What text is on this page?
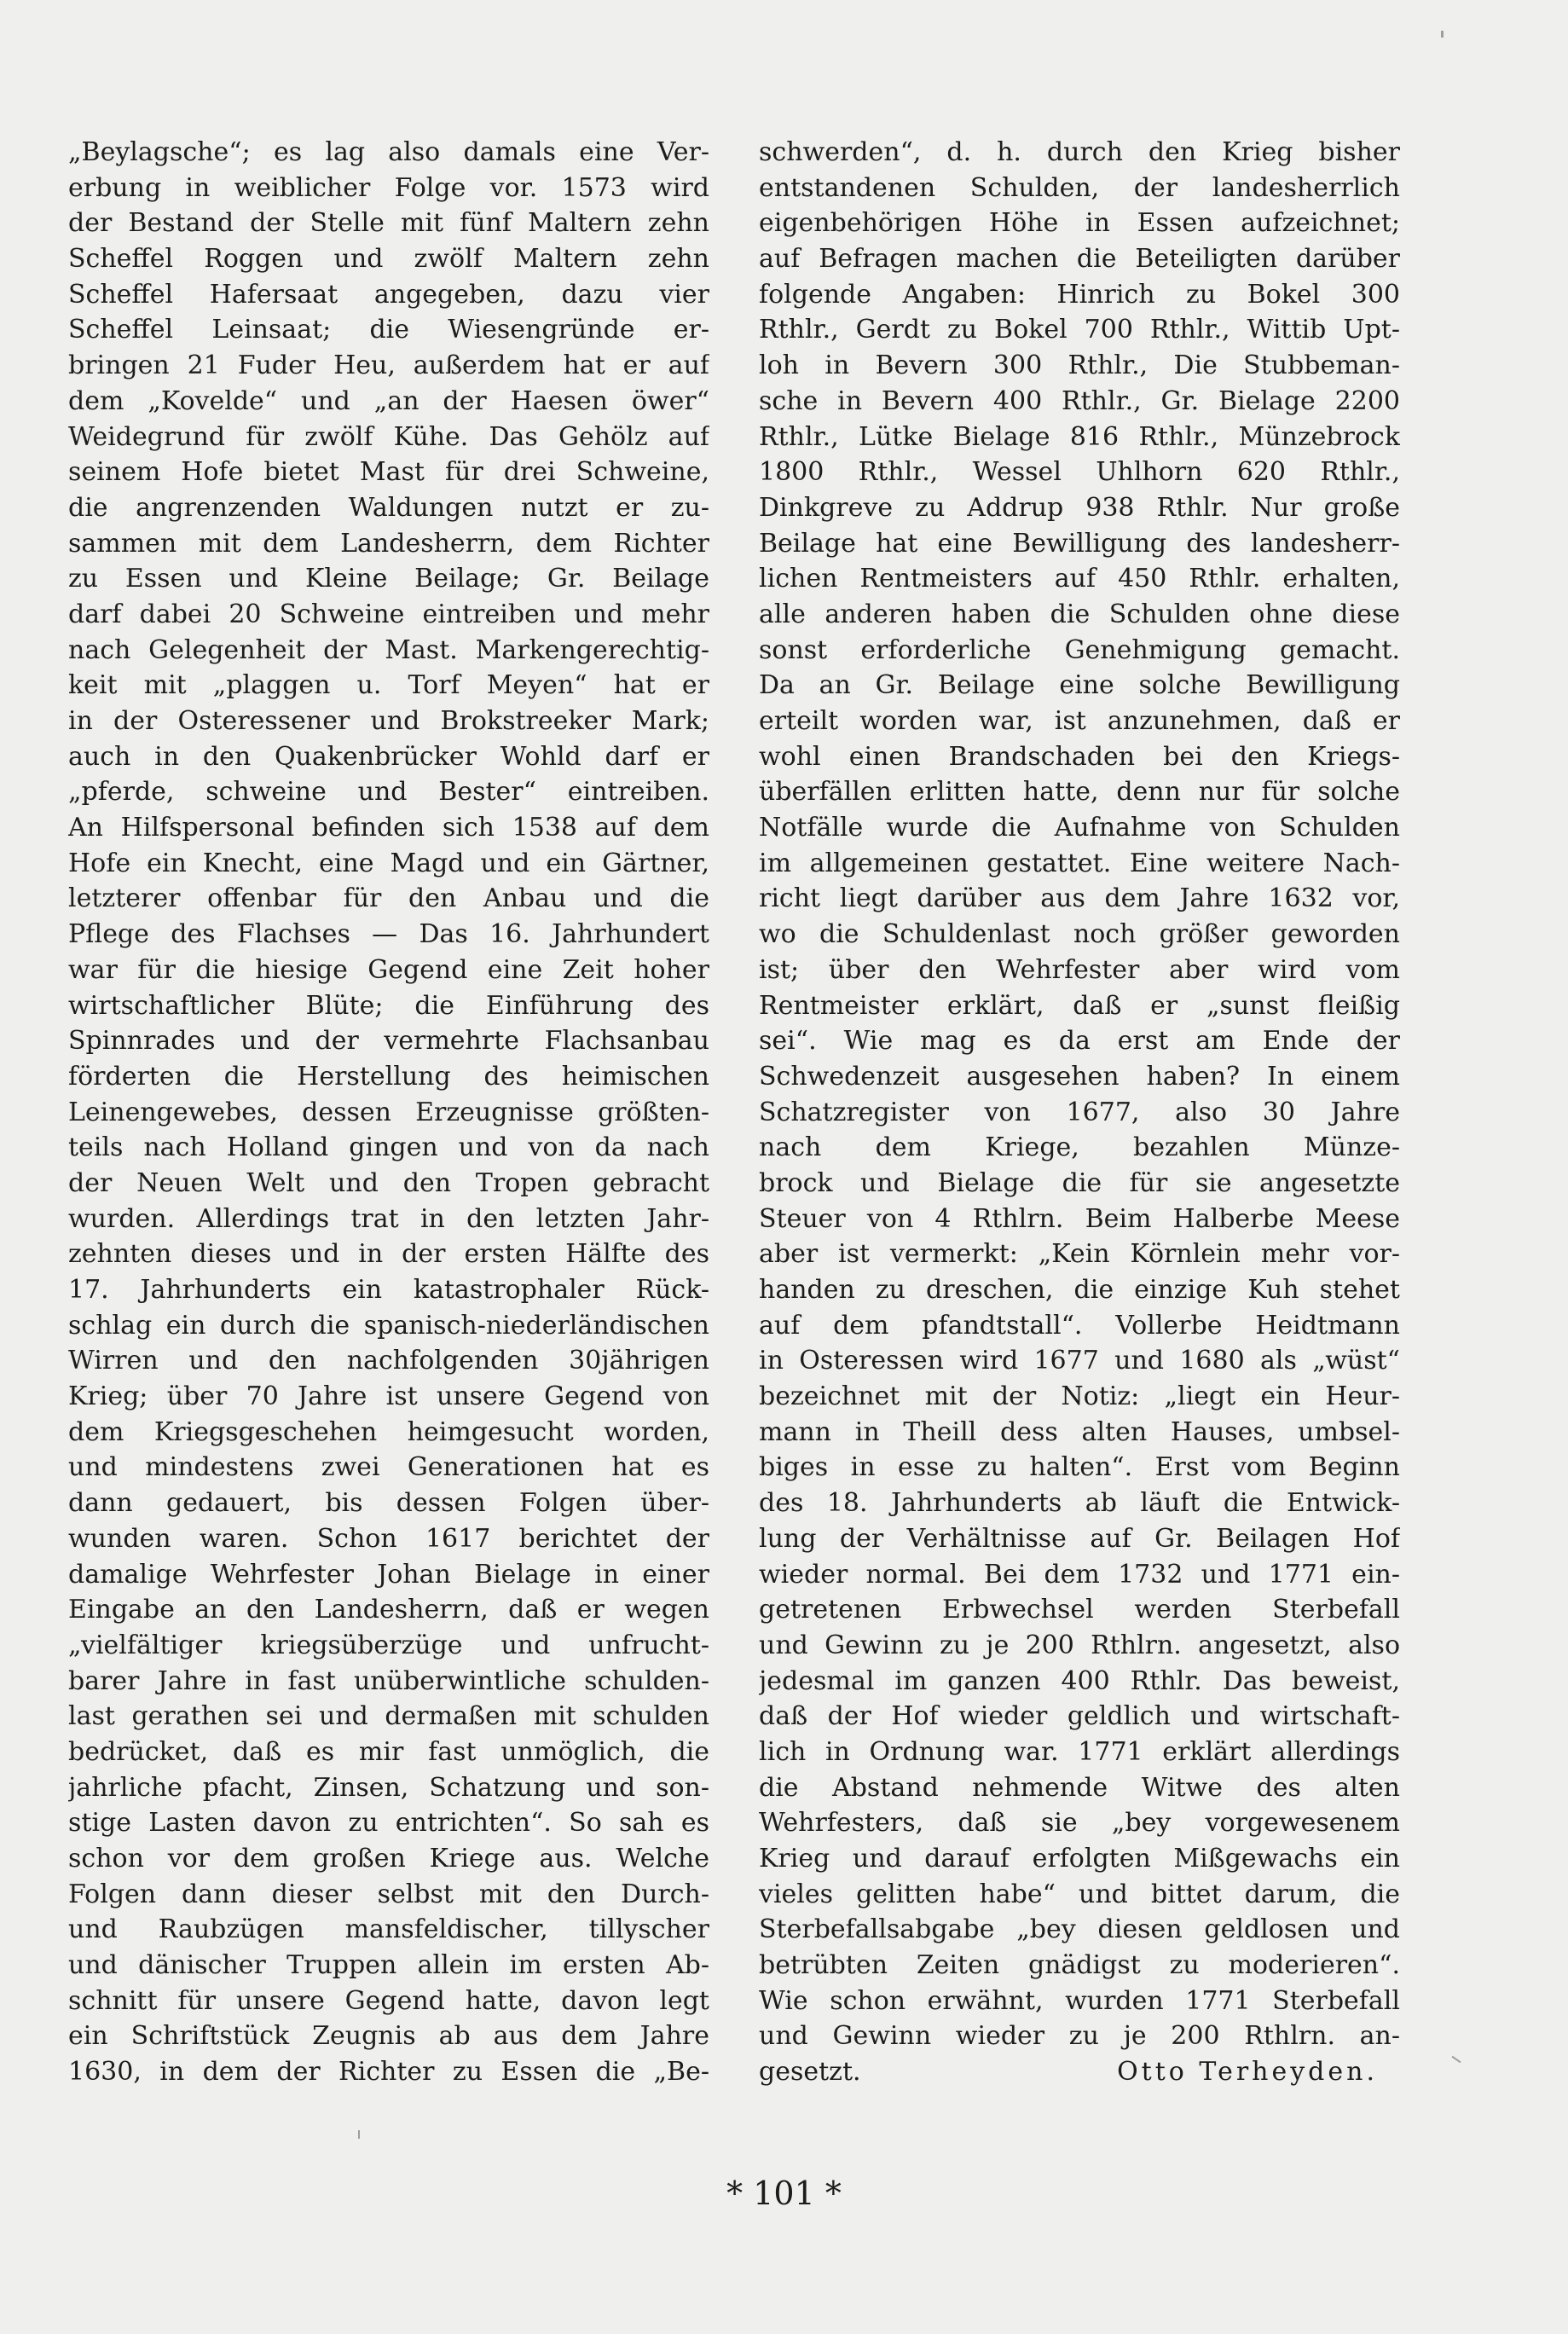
„Beylagsche“; es lag also damals eine Ver-
erbung in weiblicher Folge vor. 1573 wird
der Bestand der Stelle mit fünf Maltern zehn
Scheffel Roggen und zwölf Maltern zehn
Scheffel Hafersaat angegeben, dazu vier
Scheffel Leinsaat; die Wiesengründe er-
bringen 21 Fuder Heu, außerdem hat er auf
dem „Kovelde“ und „an der Haesen öwer“
Weidegrund für zwölf Kühe. Das Gehölz auf
seinem Hofe bietet Mast für drei Schweine,
die angrenzenden Waldungen nutzt er zu-
sammen mit dem Landesherrn, dem Richter
zu Essen und Kleine Beilage; Gr. Beilage
darf dabei 20 Schweine eintreiben und mehr
nach Gelegenheit der Mast. Markengerechtig-
keit mit „plaggen u. Torf Meyen“ hat er
in der Osteressener und Brokstreeker Mark;
auch in den Quakenbrücker Wohld darf er
„pferde, schweine und Bester“ eintreiben.
An Hilfspersonal befinden sich 1538 auf dem
Hofe ein Knecht, eine Magd und ein Gärtner,
letzterer offenbar für den Anbau und die
Pflege des Flachses — Das 16. Jahrhundert
war für die hiesige Gegend eine Zeit hoher
wirtschaftlicher Blüte; die Einführung des
Spinnrades und der vermehrte Flachsanbau
förderten die Herstellung des heimischen
Leinengewebes, dessen Erzeugnisse größten-
teils nach Holland gingen und von da nach
der Neuen Welt und den Tropen gebracht
wurden. Allerdings trat in den letzten Jahr-
zehnten dieses und in der ersten Hälfte des
17. Jahrhunderts ein katastrophaler Rück-
schlag ein durch die spanisch-niederländischen
Wirren und den nachfolgenden 30jährigen
Krieg; über 70 Jahre ist unsere Gegend von
dem Kriegsgeschehen heimgesucht worden,
und mindestens zwei Generationen hat es
dann gedauert, bis dessen Folgen über-
wunden waren. Schon 1617 berichtet der
damalige Wehrfester Johan Bielage in einer
Eingabe an den Landesherrn, daß er wegen
„vielfältiger kriegsüberzüge und unfrucht-
barer Jahre in fast unüberwintliche schulden-
last gerathen sei und dermaßen mit schulden
bedrücket, daß es mir fast unmöglich, die
jahrliche pfacht, Zinsen, Schatzung und son-
stige Lasten davon zu entrichten“. So sah es
schon vor dem großen Kriege aus. Welche
Folgen dann dieser selbst mit den Durch-
und Raubzügen mansfeldischer, tillyscher
und dänischer Truppen allein im ersten Ab-
schnitt für unsere Gegend hatte, davon legt
ein Schriftstück Zeugnis ab aus dem Jahre
1630, in dem der Richter zu Essen die „Be-
schwerden“, d. h. durch den Krieg bisher
entstandenen Schulden, der landesherrlich
eigenbehörigen Höhe in Essen aufzeichnet;
auf Befragen machen die Beteiligten darüber
folgende Angaben: Hinrich zu Bokel 300
Rthlr., Gerdt zu Bokel 700 Rthlr., Wittib Upt-
loh in Bevern 300 Rthlr., Die Stubbeman-
sche in Bevern 400 Rthlr., Gr. Bielage 2200
Rthlr., Lütke Bielage 816 Rthlr., Münzebrock
1800 Rthlr., Wessel Uhlhorn 620 Rthlr.,
Dinkgreve zu Addrup 938 Rthlr. Nur große
Beilage hat eine Bewilligung des landesherr-
lichen Rentmeisters auf 450 Rthlr. erhalten,
alle anderen haben die Schulden ohne diese
sonst erforderliche Genehmigung gemacht.
Da an Gr. Beilage eine solche Bewilligung
erteilt worden war, ist anzunehmen, daß er
wohl einen Brandschaden bei den Kriegs-
überfällen erlitten hatte, denn nur für solche
Notfälle wurde die Aufnahme von Schulden
im allgemeinen gestattet. Eine weitere Nach-
richt liegt darüber aus dem Jahre 1632 vor,
wo die Schuldenlast noch größer geworden
ist; über den Wehrfester aber wird vom
Rentmeister erklärt, daß er „sunst fleißig
sei“. Wie mag es da erst am Ende der
Schwedenzeit ausgesehen haben? In einem
Schatzregister von 1677, also 30 Jahre
nach dem Kriege, bezahlen Münze-
brock und Bielage die für sie angesetzte
Steuer von 4 Rthlrn. Beim Halberbe Meese
aber ist vermerkt: „Kein Körnlein mehr vor-
handen zu dreschen, die einzige Kuh stehet
auf dem pfandtstall“. Vollerbe Heidtmann
in Osteressen wird 1677 und 1680 als „wüst“
bezeichnet mit der Notiz: „liegt ein Heur-
mann in Theill dess alten Hauses, umbsel-
biges in esse zu halten“. Erst vom Beginn
des 18. Jahrhunderts ab läuft die Entwick-
lung der Verhältnisse auf Gr. Beilagen Hof
wieder normal. Bei dem 1732 und 1771 ein-
getretenen Erbwechsel werden Sterbefall
und Gewinn zu je 200 Rthlrn. angesetzt, also
jedesmal im ganzen 400 Rthlr. Das beweist,
daß der Hof wieder geldlich und wirtschaft-
lich in Ordnung war. 1771 erklärt allerdings
die Abstand nehmende Witwe des alten
Wehrfesters, daß sie „bey vorgewesenem
Krieg und darauf erfolgten Mißgewachs ein
vieles gelitten habe“ und bittet darum, die
Sterbefallsabgabe „bey diesen geldlosen und
betrübten Zeiten gnädigst zu moderieren“.
Wie schon erwähnt, wurden 1771 Sterbefall
und Gewinn wieder zu je 200 Rthlrn. an-
gesetzt.	Otto Terheyden.
* 101 *
